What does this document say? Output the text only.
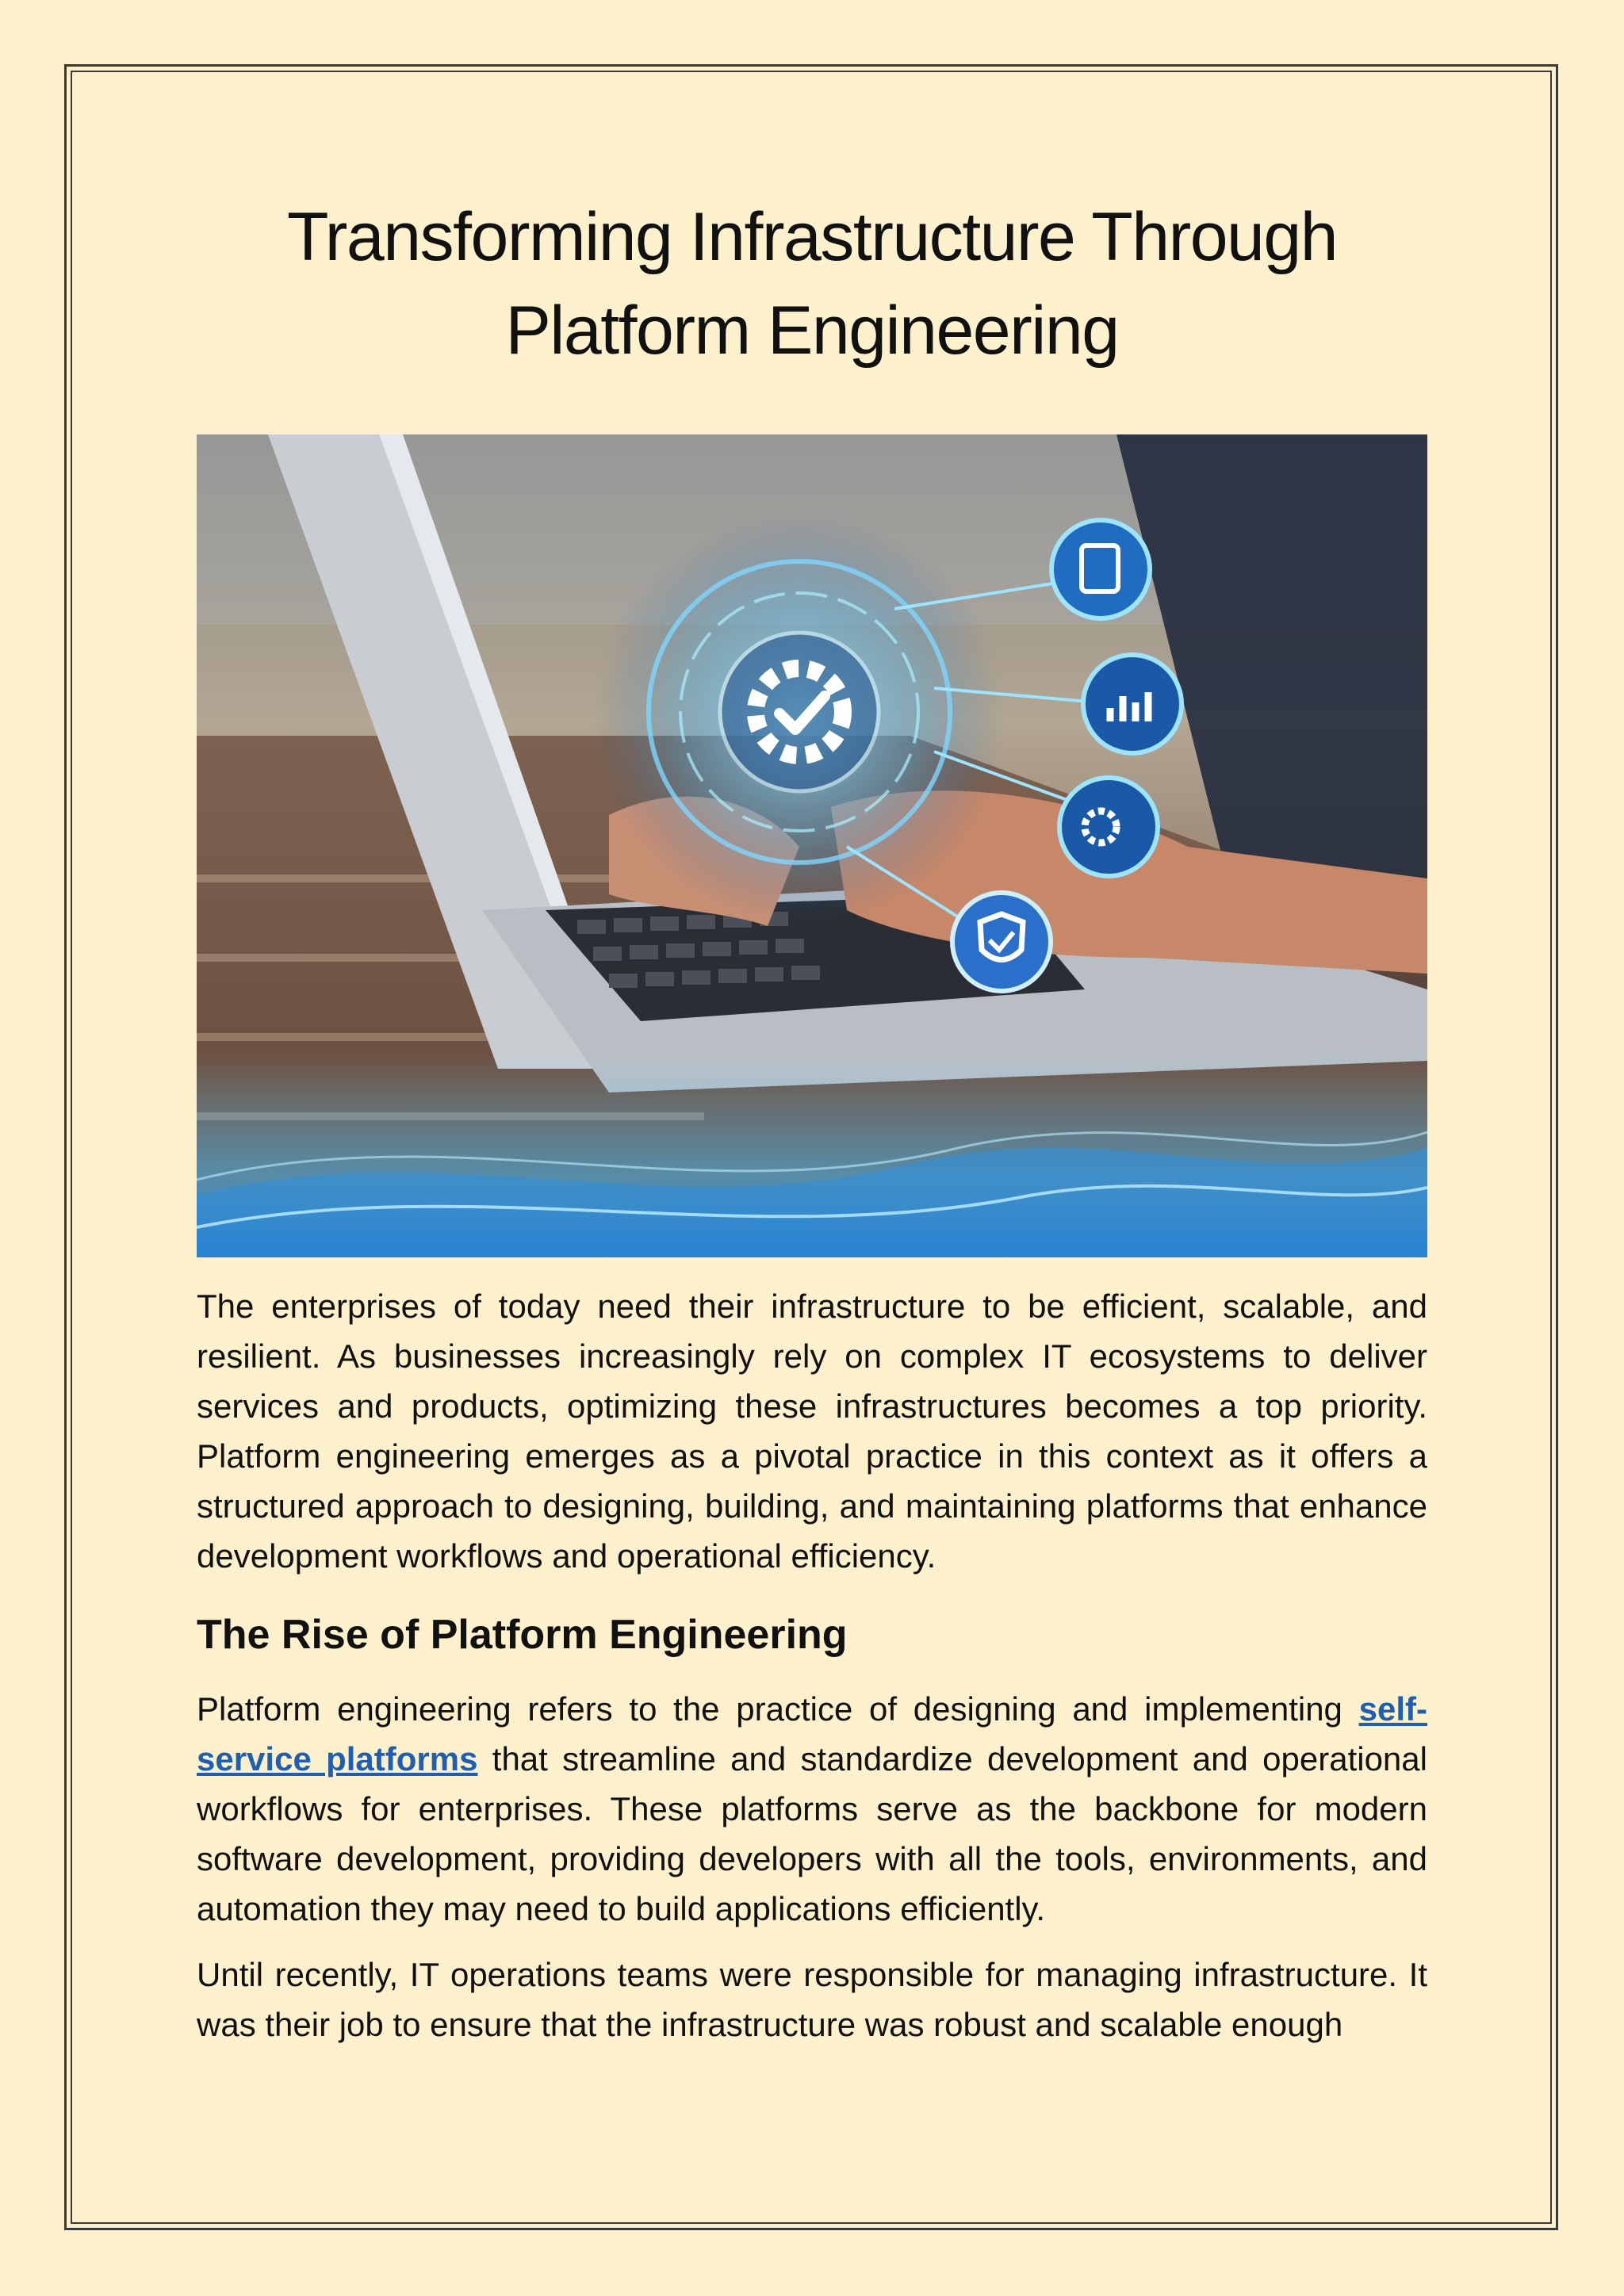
Transforming Infrastructure Through Platform Engineering

The enterprises of today need their infrastructure to be efficient, scalable, and resilient. As businesses increasingly rely on complex IT ecosystems to deliver services and products, optimizing these infrastructures becomes a top priority. Platform engineering emerges as a pivotal practice in this context as it offers a structured approach to designing, building, and maintaining platforms that enhance development workflows and operational efficiency.

The Rise of Platform Engineering

Platform engineering refers to the practice of designing and implementing self-service platforms that streamline and standardize development and operational workflows for enterprises. These platforms serve as the backbone for modern software development, providing developers with all the tools, environments, and automation they may need to build applications efficiently.

Until recently, IT operations teams were responsible for managing infrastructure. It was their job to ensure that the infrastructure was robust and scalable enough
